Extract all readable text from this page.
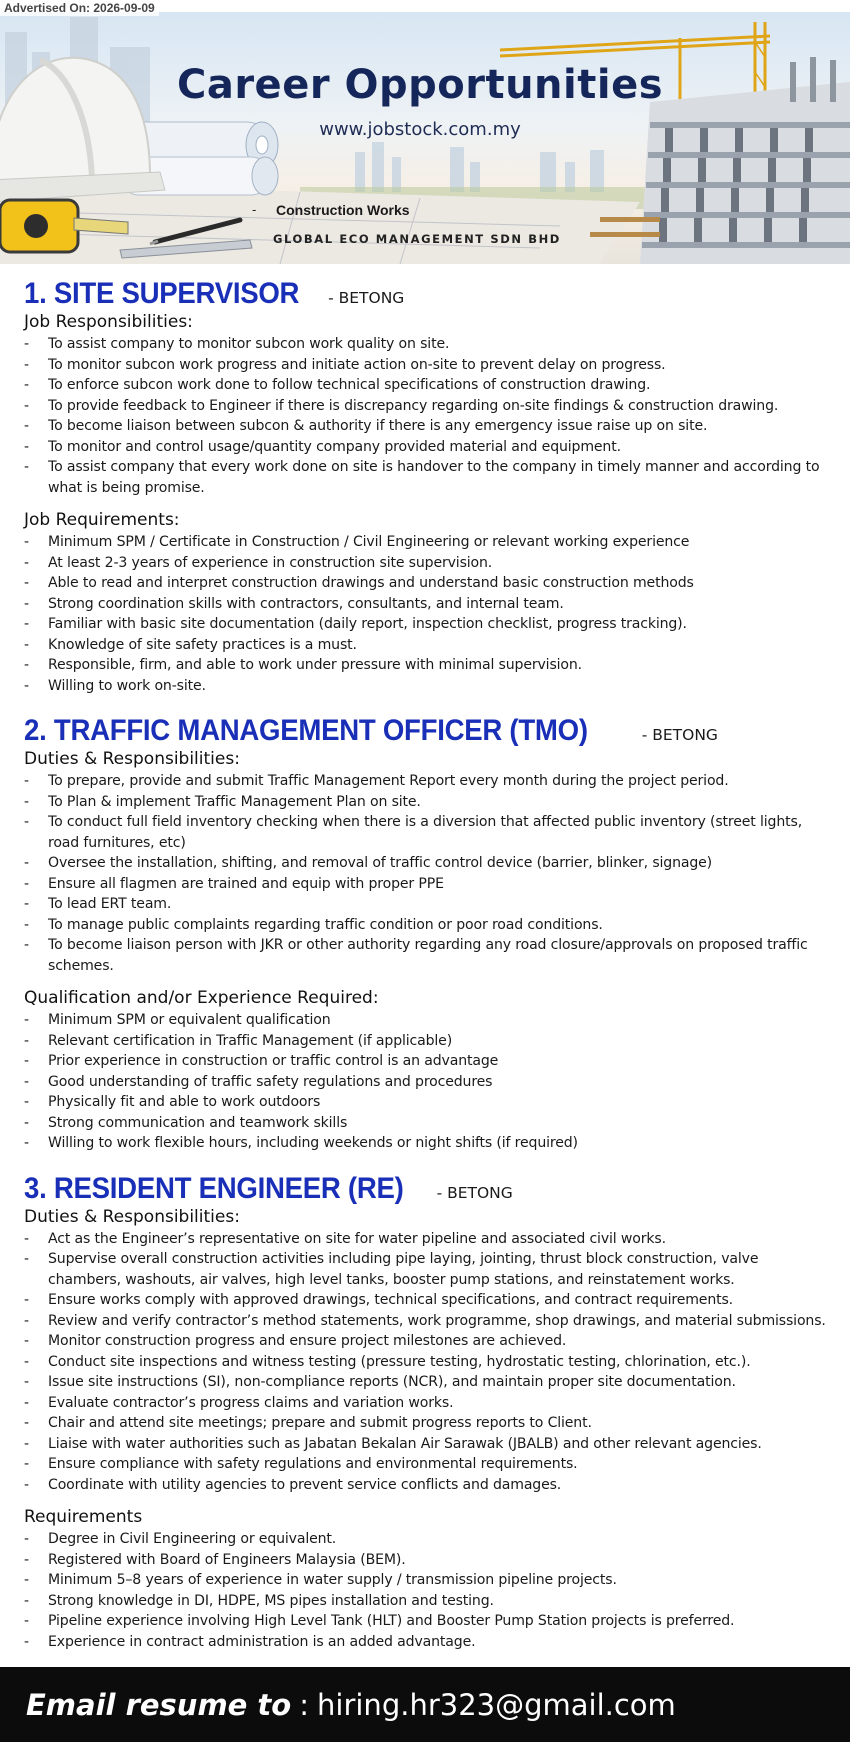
Advertised On: 2026-09-09
Career Opportunities
www.jobstock.com.my
- Construction Works
GLOBAL ECO MANAGEMENT SDN BHD
1. SITE SUPERVISOR - BETONG
Job Responsibilities:
- To assist company to monitor subcon work quality on site.
- To monitor subcon work progress and initiate action on-site to prevent delay on progress.
- To enforce subcon work done to follow technical specifications of construction drawing.
- To provide feedback to Engineer if there is discrepancy regarding on-site findings & construction drawing.
- To become liaison between subcon & authority if there is any emergency issue raise up on site.
- To monitor and control usage/quantity company provided material and equipment.
- To assist company that every work done on site is handover to the company in timely manner and according to what is being promise.
Job Requirements:
- Minimum SPM / Certificate in Construction / Civil Engineering or relevant working experience
- At least 2-3 years of experience in construction site supervision.
- Able to read and interpret construction drawings and understand basic construction methods
- Strong coordination skills with contractors, consultants, and internal team.
- Familiar with basic site documentation (daily report, inspection checklist, progress tracking).
- Knowledge of site safety practices is a must.
- Responsible, firm, and able to work under pressure with minimal supervision.
- Willing to work on-site.
2. TRAFFIC MANAGEMENT OFFICER (TMO)	- BETONG
Duties & Responsibilities:
- To prepare, provide and submit Traffic Management Report every month during the project period.
- To Plan & implement Traffic Management Plan on site.
- To conduct full field inventory checking when there is a diversion that affected public inventory (street lights, road furnitures, etc)
- Oversee the installation, shifting, and removal of traffic control device (barrier, blinker, signage)
- Ensure all flagmen are trained and equip with proper PPE
- To lead ERT team.
- To manage public complaints regarding traffic condition or poor road conditions.
- To become liaison person with JKR or other authority regarding any road closure/approvals on proposed traffic schemes.
Qualification and/or Experience Required:
- Minimum SPM or equivalent qualification
- Relevant certification in Traffic Management (if applicable)
- Prior experience in construction or traffic control is an advantage
- Good understanding of traffic safety regulations and procedures
- Physically fit and able to work outdoors
- Strong communication and teamwork skills
- Willing to work flexible hours, including weekends or night shifts (if required)
3. RESIDENT ENGINEER (RE) - BETONG
Duties & Responsibilities:
- Act as the Engineer’s representative on site for water pipeline and associated civil works.
- Supervise overall construction activities including pipe laying, jointing, thrust block construction, valve chambers, washouts, air valves, high level tanks, booster pump stations, and reinstatement works.
- Ensure works comply with approved drawings, technical specifications, and contract requirements.
- Review and verify contractor’s method statements, work programme, shop drawings, and material submissions.
- Monitor construction progress and ensure project milestones are achieved.
- Conduct site inspections and witness testing (pressure testing, hydrostatic testing, chlorination, etc.).
- Issue site instructions (SI), non-compliance reports (NCR), and maintain proper site documentation.
- Evaluate contractor’s progress claims and variation works.
- Chair and attend site meetings; prepare and submit progress reports to Client.
- Liaise with water authorities such as Jabatan Bekalan Air Sarawak (JBALB) and other relevant agencies.
- Ensure compliance with safety regulations and environmental requirements.
- Coordinate with utility agencies to prevent service conflicts and damages.
Requirements
- Degree in Civil Engineering or equivalent.
- Registered with Board of Engineers Malaysia (BEM).
- Minimum 5–8 years of experience in water supply / transmission pipeline projects.
- Strong knowledge in DI, HDPE, MS pipes installation and testing.
- Pipeline experience involving High Level Tank (HLT) and Booster Pump Station projects is preferred.
- Experience in contract administration is an added advantage.
Email resume to : hiring.hr323@gmail.com
